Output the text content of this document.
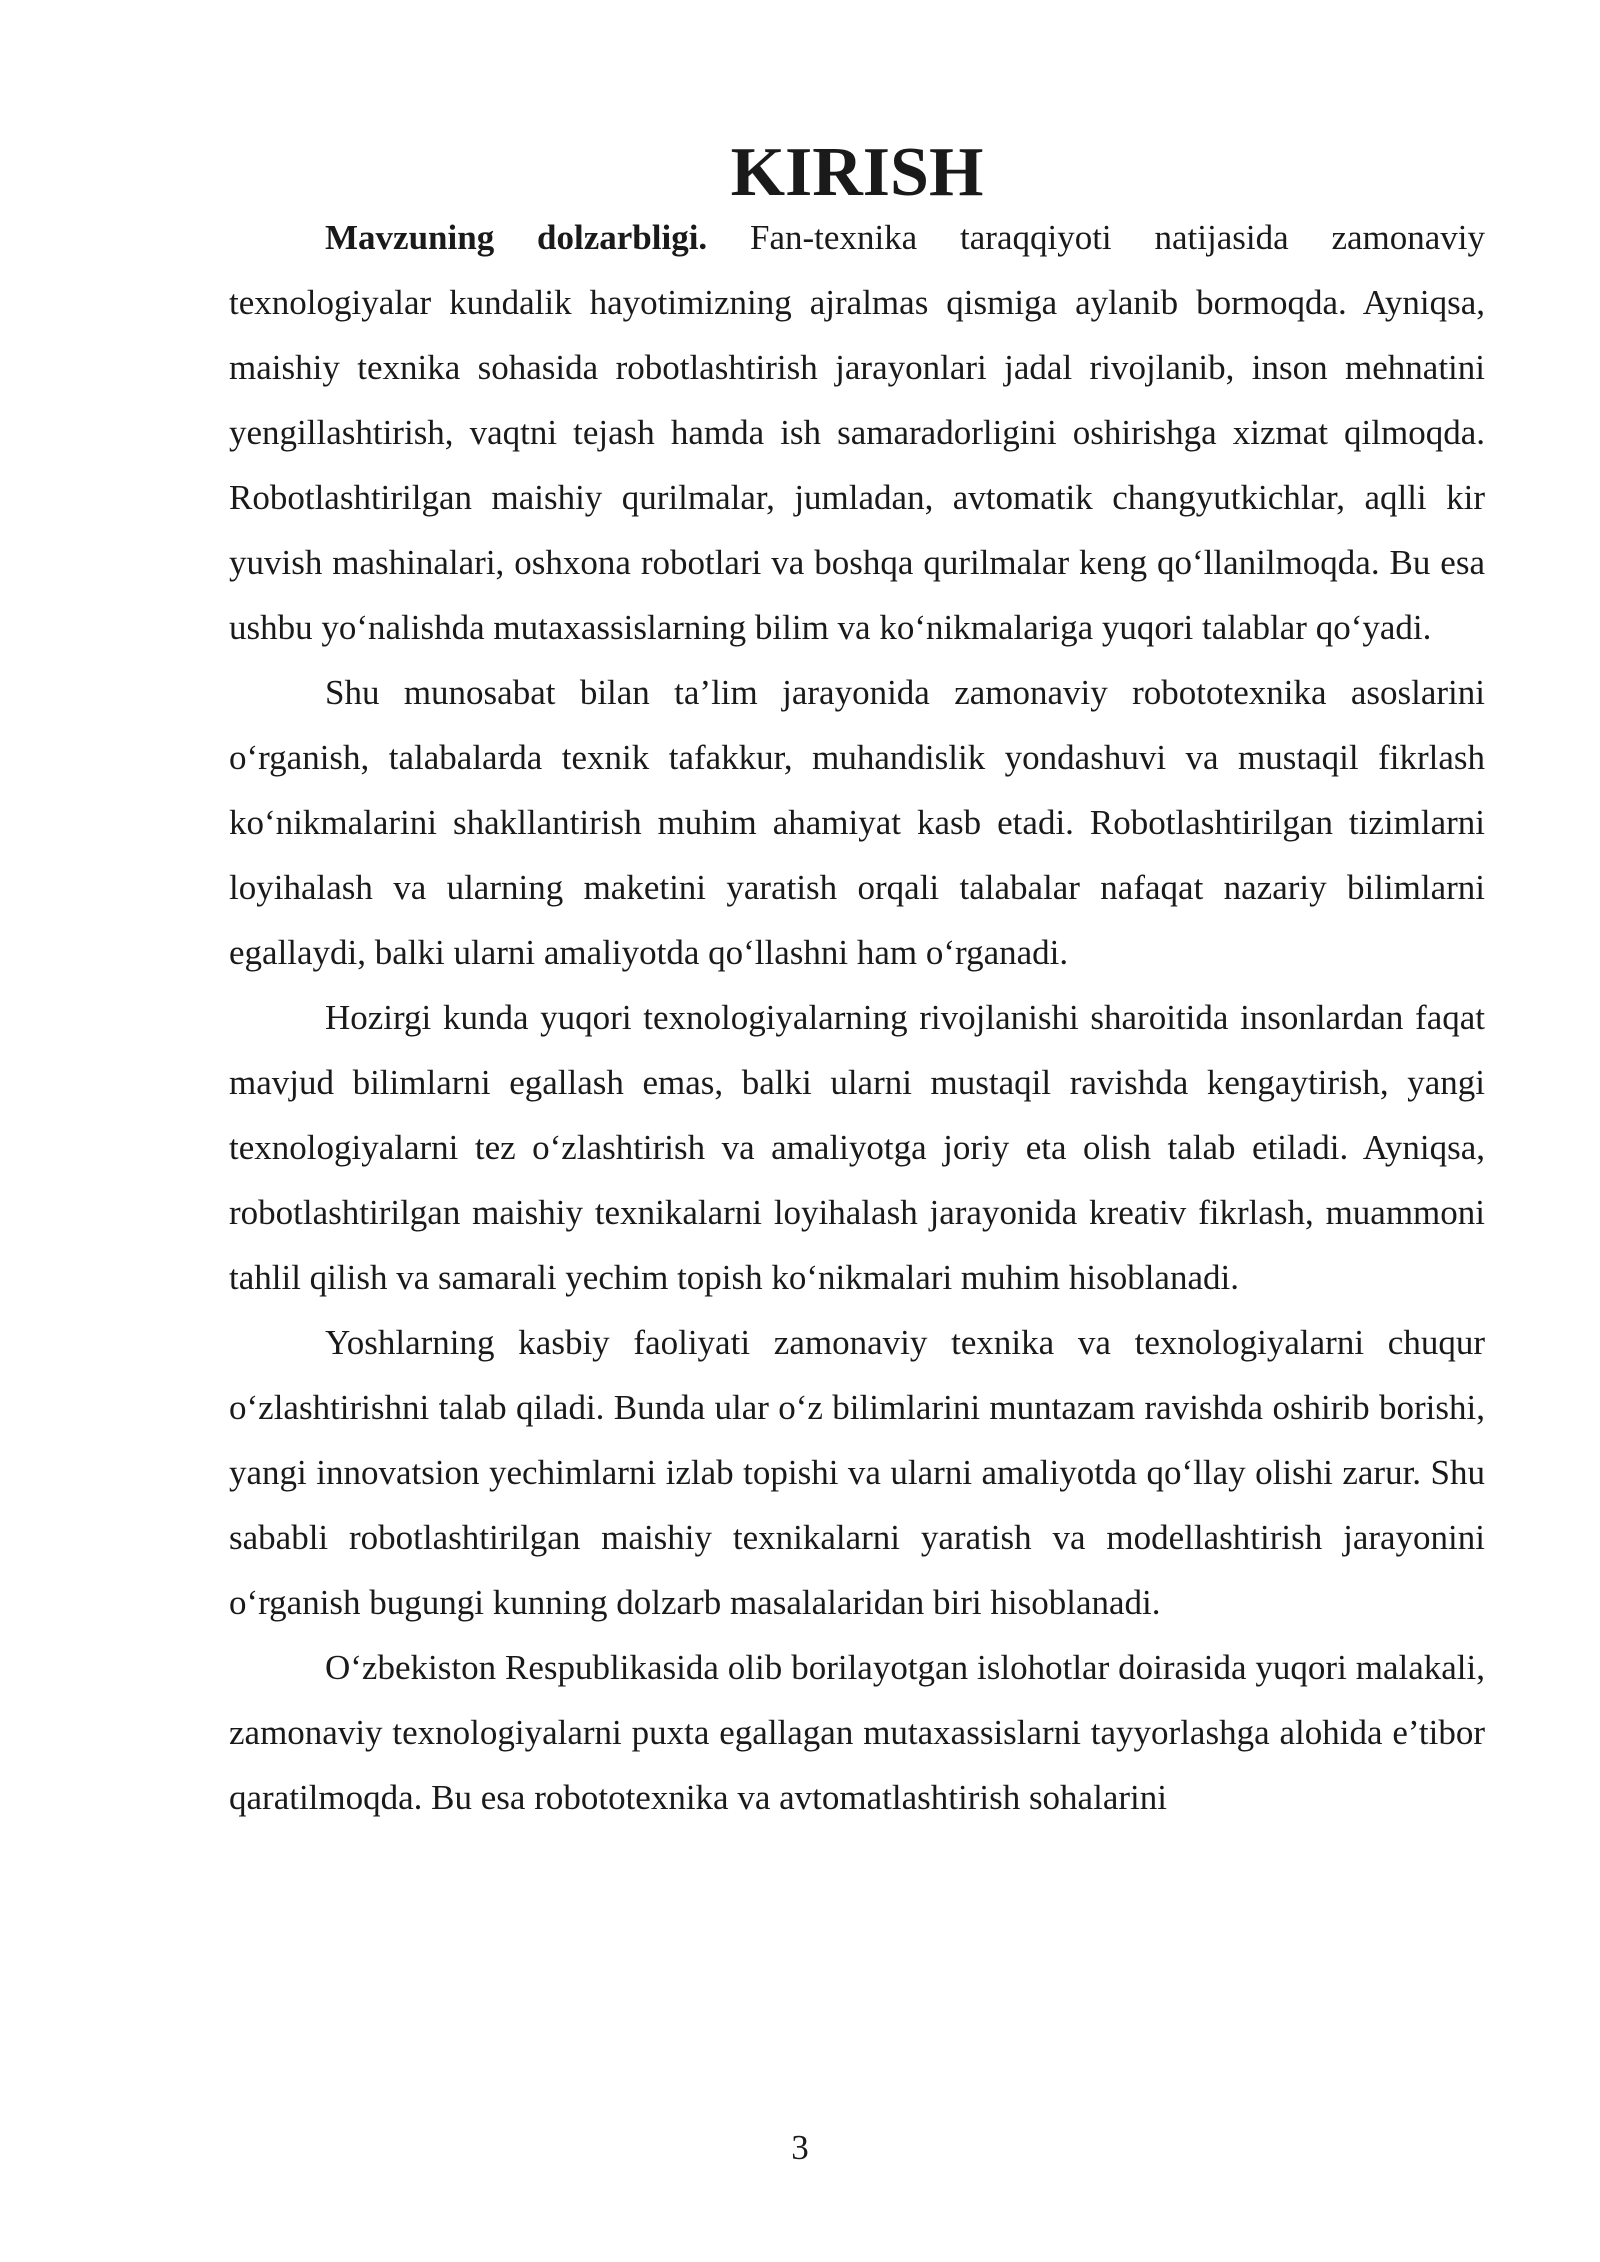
KIRISH

Mavzuning dolzarbligi. Fan-texnika taraqqiyoti natijasida zamonaviy texnologiyalar kundalik hayotimizning ajralmas qismiga aylanib bormoqda. Ayniqsa, maishiy texnika sohasida robotlashtirish jarayonlari jadal rivojlanib, inson mehnatini yengillashtirish, vaqtni tejash hamda ish samaradorligini oshirishga xizmat qilmoqda. Robotlashtirilgan maishiy qurilmalar, jumladan, avtomatik changyutkichlar, aqlli kir yuvish mashinalari, oshxona robotlari va boshqa qurilmalar keng qo‘llanilmoqda. Bu esa ushbu yo‘nalishda mutaxassislarning bilim va ko‘nikmalariga yuqori talablar qo‘yadi.

Shu munosabat bilan ta’lim jarayonida zamonaviy robototexnika asoslarini o‘rganish, talabalarda texnik tafakkur, muhandislik yondashuvi va mustaqil fikrlash ko‘nikmalarini shakllantirish muhim ahamiyat kasb etadi. Robotlashtirilgan tizimlarni loyihalash va ularning maketini yaratish orqali talabalar nafaqat nazariy bilimlarni egallaydi, balki ularni amaliyotda qo‘llashni ham o‘rganadi.

Hozirgi kunda yuqori texnologiyalarning rivojlanishi sharoitida insonlardan faqat mavjud bilimlarni egallash emas, balki ularni mustaqil ravishda kengaytirish, yangi texnologiyalarni tez o‘zlashtirish va amaliyotga joriy eta olish talab etiladi. Ayniqsa, robotlashtirilgan maishiy texnikalarni loyihalash jarayonida kreativ fikrlash, muammoni tahlil qilish va samarali yechim topish ko‘nikmalari muhim hisoblanadi.

Yoshlarning kasbiy faoliyati zamonaviy texnika va texnologiyalarni chuqur o‘zlashtirishni talab qiladi. Bunda ular o‘z bilimlarini muntazam ravishda oshirib borishi, yangi innovatsion yechimlarni izlab topishi va ularni amaliyotda qo‘llay olishi zarur. Shu sababli robotlashtirilgan maishiy texnikalarni yaratish va modellashtirish jarayonini o‘rganish bugungi kunning dolzarb masalalaridan biri hisoblanadi.

O‘zbekiston Respublikasida olib borilayotgan islohotlar doirasida yuqori malakali, zamonaviy texnologiyalarni puxta egallagan mutaxassislarni tayyorlashga alohida e’tibor qaratilmoqda. Bu esa robototexnika va avtomatlashtirish sohalarini

3
